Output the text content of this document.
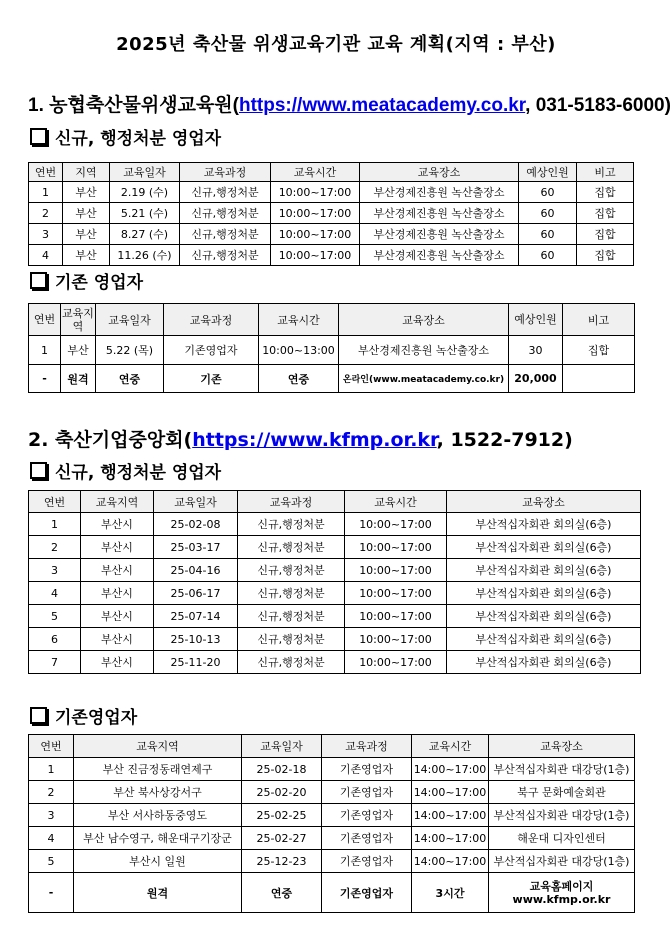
2025년 축산물 위생교육기관 교육 계획(지역 : 부산)
1. 농협축산물위생교육원(https://www.meatacademy.co.kr, 031-5183-6000)
신규, 행정처분 영업자
연번	지역	교육일자	교육과정	교육시간	교육장소	예상인원	비고
1	부산	2.19 (수)	신규,행정처분	10:00~17:00	부산경제진흥원 녹산출장소	60	집합
2	부산	5.21 (수)	신규,행정처분	10:00~17:00	부산경제진흥원 녹산출장소	60	집합
3	부산	8.27 (수)	신규,행정처분	10:00~17:00	부산경제진흥원 녹산출장소	60	집합
4	부산	11.26 (수)	신규,행정처분	10:00~17:00	부산경제진흥원 녹산출장소	60	집합
기존 영업자
연번	교육지역	교육일자	교육과정	교육시간	교육장소	예상인원	비고
1	부산	5.22 (목)	기존영업자	10:00~13:00	부산경제진흥원 녹산출장소	30	집합
-	원격	연중	기존	연중	온라인(www.meatacademy.co.kr)	20,000	
2. 축산기업중앙회(https://www.kfmp.or.kr, 1522-7912)
신규, 행정처분 영업자
연번	교육지역	교육일자	교육과정	교육시간	교육장소
1	부산시	25-02-08	신규,행정처분	10:00~17:00	부산적십자회관 회의실(6층)
2	부산시	25-03-17	신규,행정처분	10:00~17:00	부산적십자회관 회의실(6층)
3	부산시	25-04-16	신규,행정처분	10:00~17:00	부산적십자회관 회의실(6층)
4	부산시	25-06-17	신규,행정처분	10:00~17:00	부산적십자회관 회의실(6층)
5	부산시	25-07-14	신규,행정처분	10:00~17:00	부산적십자회관 회의실(6층)
6	부산시	25-10-13	신규,행정처분	10:00~17:00	부산적십자회관 회의실(6층)
7	부산시	25-11-20	신규,행정처분	10:00~17:00	부산적십자회관 회의실(6층)
기존영업자
연번	교육지역	교육일자	교육과정	교육시간	교육장소
1	부산 진금정동래연제구	25-02-18	기존영업자	14:00~17:00	부산적십자회관 대강당(1층)
2	부산 북사상강서구	25-02-20	기존영업자	14:00~17:00	북구 문화예술회관
3	부산 서사하동중영도	25-02-25	기존영업자	14:00~17:00	부산적십자회관 대강당(1층)
4	부산 남수영구, 해운대구기장군	25-02-27	기존영업자	14:00~17:00	해운대 디자인센터
5	부산시 일원	25-12-23	기존영업자	14:00~17:00	부산적십자회관 대강당(1층)
-	원격	연중	기존영업자	3시간	교육홈페이지 www.kfmp.or.kr
